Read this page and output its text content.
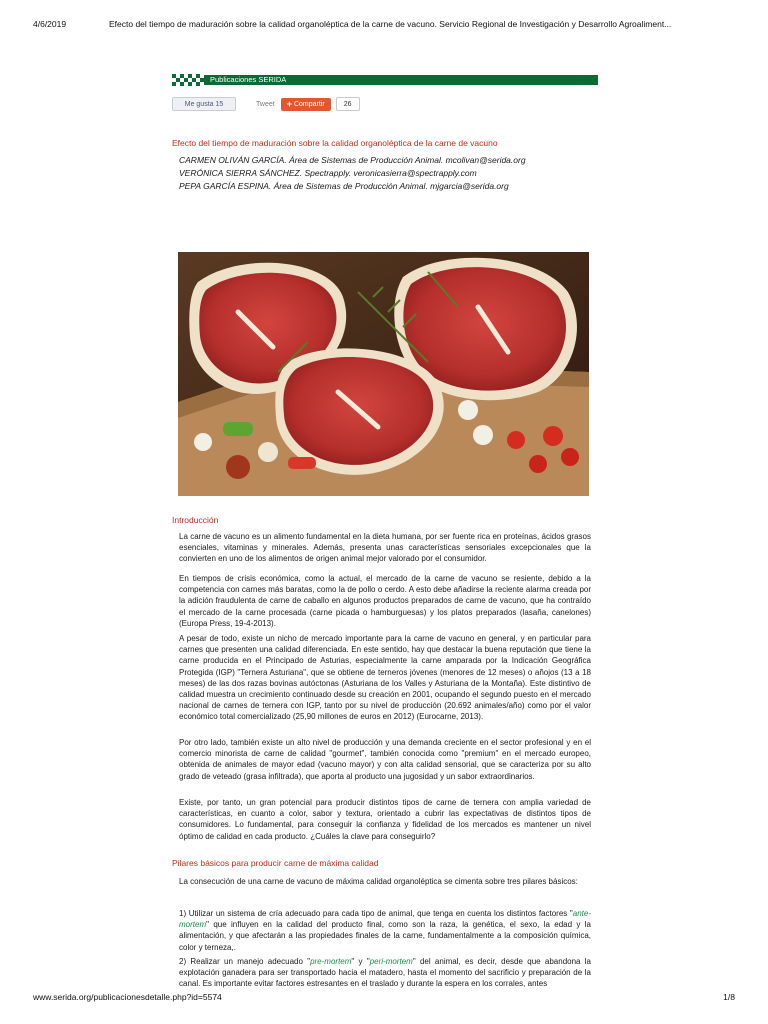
4/6/2019	Efecto del tiempo de maduración sobre la calidad organoléptica de la carne de vacuno. Servicio Regional de Investigación y Desarrollo Agroaliment...
Publicaciones SERIDA
Me gusta 15	Tweet + Compartir	26
Efecto del tiempo de maduración sobre la calidad organoléptica de la carne de vacuno
CARMEN OLIVÁN GARCÍA. Área de Sistemas de Producción Animal. mcolivan@serida.org
VERÓNICA SIERRA SÁNCHEZ. Spectrapply. veronicasierra@spectrapply.com
PEPA GARCÍA ESPINA. Área de Sistemas de Producción Animal. mjgarcia@serida.org
Introducción

La carne de vacuno es un alimento fundamental en la dieta humana, por ser fuente rica en proteínas, ácidos grasos esenciales, vitaminas y minerales. Además, presenta unas características sensoriales excepcionales que la convierten en uno de los alimentos de origen animal mejor valorado por el consumidor.

En tiempos de crisis económica, como la actual, el mercado de la carne de vacuno se resiente, debido a la competencia con carnes más baratas, como la de pollo o cerdo. A esto debe añadirse la reciente alarma creada por la adición fraudulenta de carne de caballo en algunos productos preparados de carne de vacuno, que ha contraído el mercado de la carne procesada (carne picada o hamburguesas) y los platos preparados (lasaña, canelones) (Europa Press, 19-4-2013).

A pesar de todo, existe un nicho de mercado importante para la carne de vacuno en general, y en particular para carnes que presenten una calidad diferenciada. En este sentido, hay que destacar la buena reputación que tiene la carne producida en el Principado de Asturias, especialmente la carne amparada por la Indicación Geográfica Protegida (IGP) "Ternera Asturiana", que se obtiene de terneros jóvenes (menores de 12 meses) o añojos (13 a 18 meses) de las dos razas bovinas autóctonas (Asturiana de los Valles y Asturiana de la Montaña). Este distintivo de calidad muestra un crecimiento continuado desde su creación en 2001, ocupando el segundo puesto en el mercado nacional de carnes de ternera con IGP, tanto por su nivel de producción (20.692 animales/año) como por el valor económico total comercializado (25,90 millones de euros en 2012) (Eurocarne, 2013).

Por otro lado, también existe un alto nivel de producción y una demanda creciente en el sector profesional y en el comercio minorista de carne de calidad "gourmet", también conocida como "premium" en el mercado europeo, obtenida de animales de mayor edad (vacuno mayor) y con alta calidad sensorial, que se caracteriza por su alto grado de veteado (grasa infiltrada), que aporta al producto una jugosidad y un sabor extraordinarios.

Existe, por tanto, un gran potencial para producir distintos tipos de carne de ternera con amplia variedad de características, en cuanto a color, sabor y textura, orientado a cubrir las expectativas de distintos tipos de consumidores. Lo fundamental, para conseguir la confianza y fidelidad de los mercados es mantener un nivel óptimo de calidad en cada producto. ¿Cuáles la clave para conseguirlo?

Pilares básicos para producir carne de máxima calidad

La consecución de una carne de vacuno de máxima calidad organoléptica se cimenta sobre tres pilares básicos:

1) Utilizar un sistema de cría adecuado para cada tipo de animal, que tenga en cuenta los distintos factores "ante-mortem" que influyen en la calidad del producto final, como son la raza, la genética, el sexo, la edad y la alimentación, y que afectarán a las propiedades finales de la carne, fundamentalmente a la composición química, color y terneza,.

2) Realizar un manejo adecuado "pre-mortem" y "peri-mortem" del animal, es decir, desde que abandona la explotación ganadera para ser transportado hacia el matadero, hasta el momento del sacrificio y preparación de la canal. Es importante evitar factores estresantes en el traslado y durante la espera en los corrales, antes

www.serida.org/publicacionesdetalle.php?id=5574	1/8
